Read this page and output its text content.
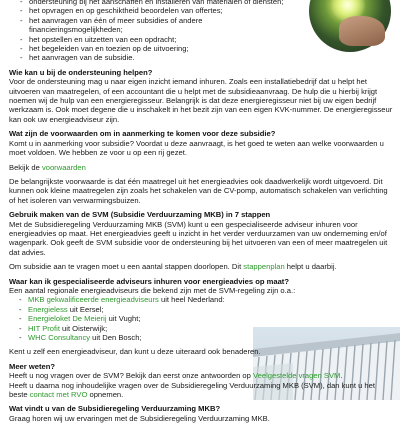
- ondersteuning bij het aanschaffen en installeren van materialen of diensten;
- het opvragen en op geschiktheid beoordelen van offertes;
- het aanvragen van één of meer subsidies of andere financieringsmogelijkheden;
- het opstellen en uitzetten van een opdracht;
- het begeleiden van en toezien op de uitvoering;
- het aanvragen van de subsidie.

Wie kan u bij de ondersteuning helpen?

Voor de ondersteuning mag u naar eigen inzicht iemand inhuren. Zoals een installatiebedrijf dat u helpt het uitvoeren van maatregelen, of een accountant die u helpt met de subsidieaanvraag. De hulp die u hierbij krijgt noemen wij de hulp van een energieregisseur. Belangrijk is dat deze energieregisseur niet bij uw eigen bedrijf werkzaam is. Ook moet degene die u inschakelt in het bezit zijn van een eigen KVK-nummer. De energieregisseur kan ook uw energieadviseur zijn.

Wat zijn de voorwaarden om in aanmerking te komen voor deze subsidie?

Komt u in aanmerking voor subsidie? Voordat u deze aanvraagt, is het goed te weten aan welke voorwaarden u moet voldoen. We hebben ze voor u op een rij gezet.

Bekijk de voorwaarden

De belangrijkste voorwaarde is dat één maatregel uit het energieadvies ook daadwerkelijk wordt uitgevoerd. Dit kunnen ook kleine maatregelen zijn zoals het schakelen van de CV-pomp, automatisch schakelen van verlichting of het isoleren van verwarmingsbuizen.

Gebruik maken van de SVM (Subsidie Verduurzaming MKB) in 7 stappen

Met de Subsidieregeling Verduurzaming MKB (SVM) kunt u een gespecialiseerde adviseur inhuren voor energieadvies op maat. Het energieadvies geeft u inzicht in het verder verduurzamen van uw onderneming en/of wagenpark. Ook geeft de SVM subsidie voor de ondersteuning bij het uitvoeren van een of meer maatregelen uit dat advies.

Om subsidie aan te vragen moet u een aantal stappen doorlopen. Dit stappenplan helpt u daarbij.

Waar kan ik gespecialiseerde adviseurs inhuren voor energieadvies op maat?

Een aantal regionale energieadviseurs die bekend zijn met de SVM-regeling zijn o.a.:

- MKB gekwalificeerde energieadviseurs uit heel Nederland:
- Energieless uit Eersel;
- Energieloket De Meierij uit Vught;
- HIT Profit uit Oisterwijk;
- WHC Consultancy uit Den Bosch;

Kent u zelf een energieadviseur, dan kunt u deze uiteraard ook benaderen.

Meer weten?

Heeft u nog vragen over de SVM? Bekijk dan eerst onze antwoorden op Veelgestelde vragen SVM.

Heeft u daarna nog inhoudelijke vragen over de Subsidieregeling Verduurzaming MKB (SVM), dan kunt u het beste contact met RVO opnemen.

Wat vindt u van de Subsidieregeling Verduurzaming MKB?

Graag horen wij uw ervaringen met de Subsidieregeling Verduurzaming MKB.
